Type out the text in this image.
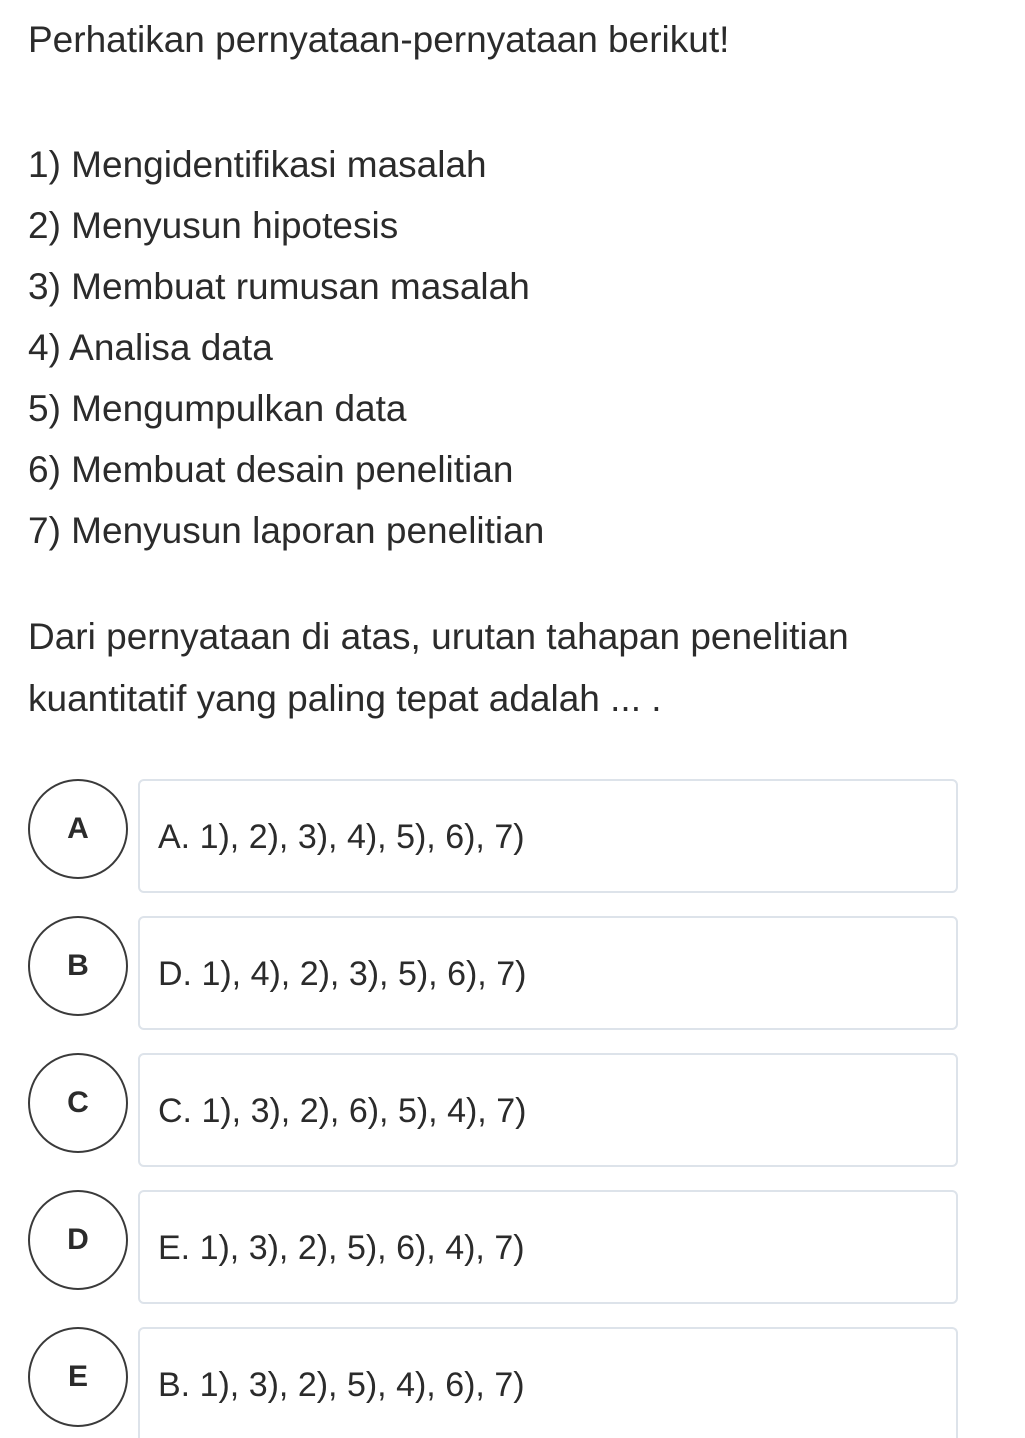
Perhatikan pernyataan-pernyataan berikut!

1) Mengidentifikasi masalah
2) Menyusun hipotesis
3) Membuat rumusan masalah
4) Analisa data
5) Mengumpulkan data
6) Membuat desain penelitian
7) Menyusun laporan penelitian

Dari pernyataan di atas, urutan tahapan penelitian kuantitatif yang paling tepat adalah ... .

A	A. 1), 2), 3), 4), 5), 6), 7)
B	D. 1), 4), 2), 3), 5), 6), 7)
C	C. 1), 3), 2), 6), 5), 4), 7)
D	E. 1), 3), 2), 5), 6), 4), 7)
E	B. 1), 3), 2), 5), 4), 6), 7)
